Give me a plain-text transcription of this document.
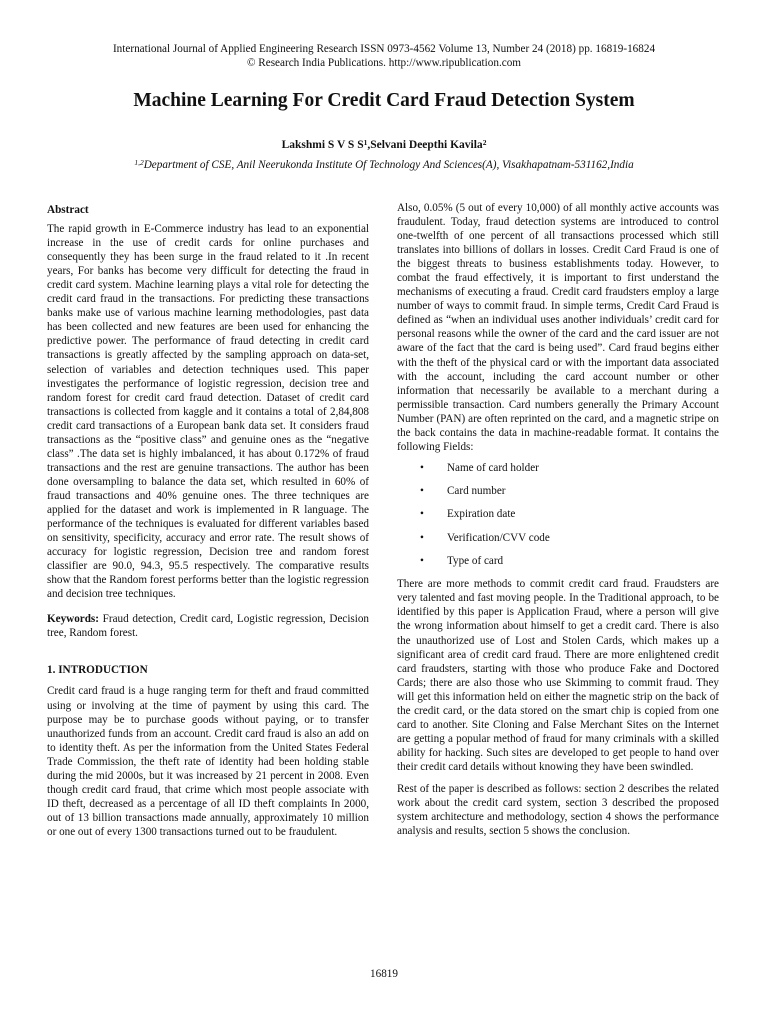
International Journal of Applied Engineering Research ISSN 0973-4562 Volume 13, Number 24 (2018) pp. 16819-16824
© Research India Publications. http://www.ripublication.com
Machine Learning For Credit Card Fraud Detection System
Lakshmi S V S $S^1,Selvani$ Deepthi Kavila$^2$
$^{1,2}$Department of CSE, Anil Neerukonda Institute Of Technology And Sciences(A), Visakhapatnam-531162,India

Abstract

The rapid growth in E-Commerce industry has lead to an exponential increase in the use of credit cards for online purchases and consequently they has been surge in the fraud related to it .In recent years, For banks has become very difficult for detecting the fraud in credit card system. Machine learning plays a vital role for detecting the credit card fraud in the transactions. For predicting these transactions banks make use of various machine learning methodologies, past data has been collected and new features are been used for enhancing the predictive power. The performance of fraud detecting in credit card transactions is greatly affected by the sampling approach on data-set, selection of variables and detection techniques used. This paper investigates the performance of logistic regression, decision tree and random forest for credit card fraud detection. Dataset of credit card transactions is collected from kaggle and it contains a total of 2,84,808 credit card transactions of a European bank data set. It considers fraud transactions as the “positive class” and genuine ones as the “negative class” .The data set is highly imbalanced, it has about 0.172% of fraud transactions and the rest are genuine transactions. The author has been done oversampling to balance the data set, which resulted in 60% of fraud transactions and 40% genuine ones. The three techniques are applied for the dataset and work is implemented in R language. The performance of the techniques is evaluated for different variables based on sensitivity, specificity, accuracy and error rate. The result shows of accuracy for logistic regression, Decision tree and random forest classifier are 90.0, 94.3, 95.5 respectively. The comparative results show that the Random forest performs better than the logistic regression and decision tree techniques.

Keywords: Fraud detection, Credit card, Logistic regression, Decision tree, Random forest.

1. INTRODUCTION

Credit card fraud is a huge ranging term for theft and fraud committed using or involving at the time of payment by using this card. The purpose may be to purchase goods without paying, or to transfer unauthorized funds from an account. Credit card fraud is also an add on to identity theft. As per the information from the United States Federal Trade Commission, the theft rate of identity had been holding stable during the mid 2000s, but it was increased by 21 percent in 2008. Even though credit card fraud, that crime which most people associate with ID theft, decreased as a percentage of all ID theft complaints In 2000, out of 13 billion transactions made annually, approximately 10 million or one out of every 1300 transactions turned out to be fraudulent.

Also, 0.05% (5 out of every 10,000) of all monthly active accounts was fraudulent. Today, fraud detection systems are introduced to control one-twelfth of one percent of all transactions processed which still translates into billions of dollars in losses. Credit Card Fraud is one of the biggest threats to business establishments today. However, to combat the fraud effectively, it is important to first understand the mechanisms of executing a fraud. Credit card fraudsters employ a large number of ways to commit fraud. In simple terms, Credit Card Fraud is defined as “when an individual uses another individuals’ credit card for personal reasons while the owner of the card and the card issuer are not aware of the fact that the card is being used”. Card fraud begins either with the theft of the physical card or with the important data associated with the account, including the card account number or other information that necessarily be available to a merchant during a permissible transaction. Card numbers generally the Primary Account Number (PAN) are often reprinted on the card, and a magnetic stripe on the back contains the data in machine-readable format. It contains the following Fields:

• Name of card holder
• Card number
• Expiration date
• Verification/CVV code
• Type of card

There are more methods to commit credit card fraud. Fraudsters are very talented and fast moving people. In the Traditional approach, to be identified by this paper is Application Fraud, where a person will give the wrong information about himself to get a credit card. There is also the unauthorized use of Lost and Stolen Cards, which makes up a significant area of credit card fraud. There are more enlightened credit card fraudsters, starting with those who produce Fake and Doctored Cards; there are also those who use Skimming to commit fraud. They will get this information held on either the magnetic strip on the back of the credit card, or the data stored on the smart chip is copied from one card to another. Site Cloning and False Merchant Sites on the Internet are getting a popular method of fraud for many criminals with a skilled ability for hacking. Such sites are developed to get people to hand over their credit card details without knowing they have been swindled.

Rest of the paper is described as follows: section 2 describes the related work about the credit card system, section 3 described the proposed system architecture and methodology, section 4 shows the performance analysis and results, section 5 shows the conclusion.

16819
